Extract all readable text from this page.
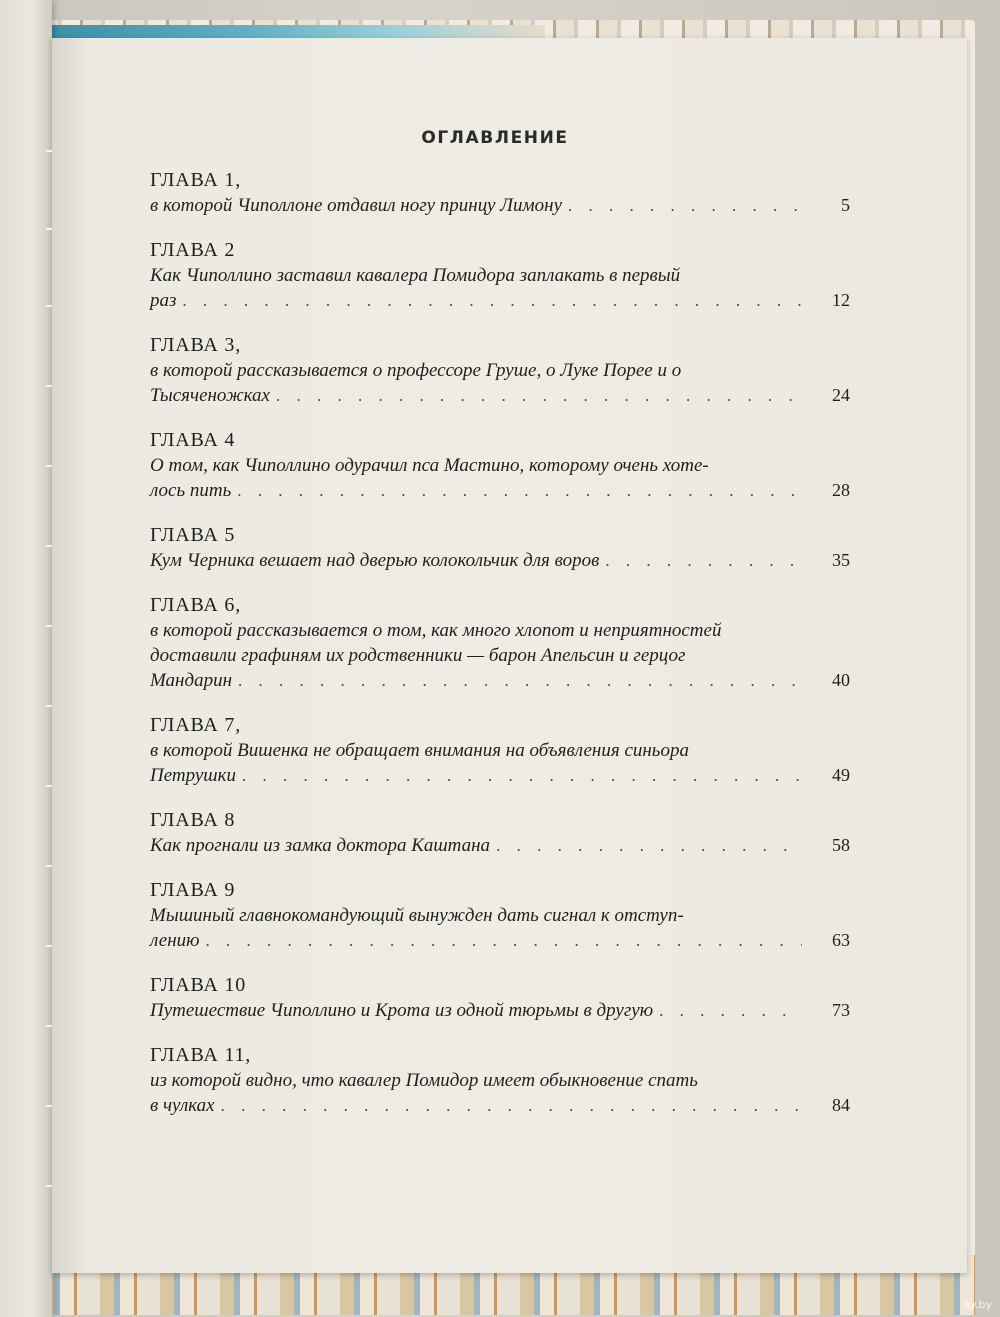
ОГЛАВЛЕНИЕ
ГЛАВА 1,
в которой Чиполлоне отдавил ногу принцу Лимону . . .	5
ГЛАВА 2
Как Чиполлино заставил кавалера Помидора заплакать в первый
раз . . .	12
ГЛАВА 3,
в которой рассказывается о профессоре Груше, о Луке Порее и о
Тысяченожках . . .	24
ГЛАВА 4
О том, как Чиполлино одурачил пса Мастино, которому очень хоте-
лось пить . . .	28
ГЛАВА 5
Кум Черника вешает над дверью колокольчик для воров . . .	35
ГЛАВА 6,
в которой рассказывается о том, как много хлопот и неприятностей
доставили графиням их родственники — барон Апельсин и герцог
Мандарин . . .	40
ГЛАВА 7,
в которой Вишенка не обращает внимания на объявления синьора
Петрушки . . .	49
ГЛАВА 8
Как прогнали из замка доктора Каштана . . .	58
ГЛАВА 9
Мышиный главнокомандующий вынужден дать сигнал к отступ-
лению . . .	63
ГЛАВА 10
Путешествие Чиполлино и Крота из одной тюрьмы в другую . . .	73
ГЛАВА 11,
из которой видно, что кавалер Помидор имеет обыкновение спать
в чулках . . .	84
ay.by
